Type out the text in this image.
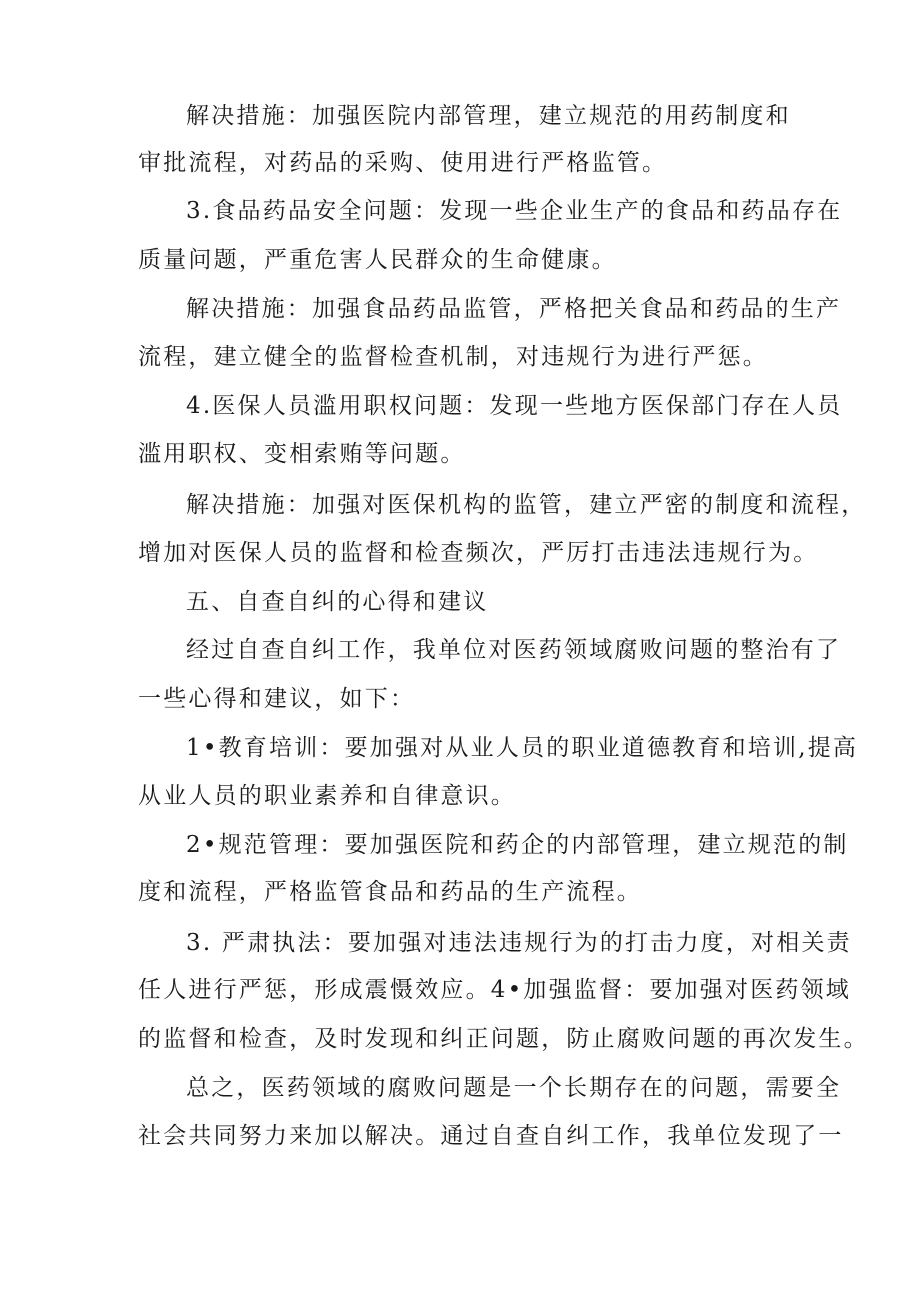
解决措施：加强医院内部管理，建立规范的用药制度和
审批流程，对药品的采购、使用进行严格监管。
3.食品药品安全问题：发现一些企业生产的食品和药品存在
质量问题，严重危害人民群众的生命健康。
解决措施：加强食品药品监管，严格把关食品和药品的生产
流程，建立健全的监督检查机制，对违规行为进行严惩。
4.医保人员滥用职权问题：发现一些地方医保部门存在人员
滥用职权、变相索贿等问题。
解决措施：加强对医保机构的监管，建立严密的制度和流程，
增加对医保人员的监督和检查频次，严厉打击违法违规行为。
五、自查自纠的心得和建议
经过自查自纠工作，我单位对医药领域腐败问题的整治有了
一些心得和建议，如下：
1•教育培训：要加强对从业人员的职业道德教育和培训,提高
从业人员的职业素养和自律意识。
2•规范管理：要加强医院和药企的内部管理，建立规范的制
度和流程，严格监管食品和药品的生产流程。
3. 严肃执法：要加强对违法违规行为的打击力度，对相关责
任人进行严惩，形成震慑效应。4•加强监督：要加强对医药领域
的监督和检查，及时发现和纠正问题，防止腐败问题的再次发生。
总之，医药领域的腐败问题是一个长期存在的问题，需要全
社会共同努力来加以解决。通过自查自纠工作，我单位发现了一
